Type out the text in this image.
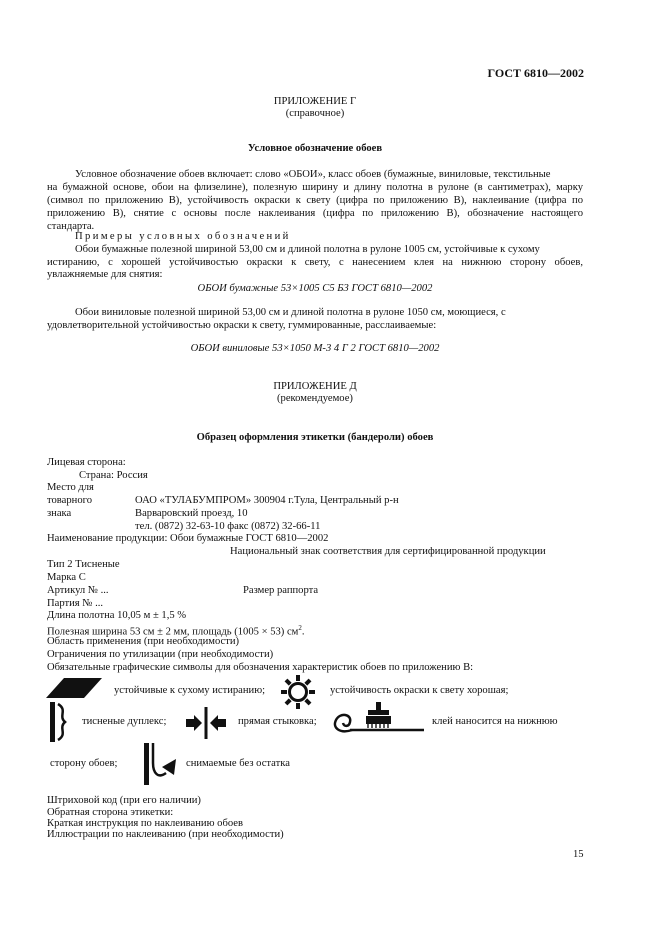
ГОСТ 6810—2002
ПРИЛОЖЕНИЕ Г
(справочное)
Условное обозначение обоев
Условное обозначение обоев включает: слово «ОБОИ», класс обоев (бумажные, виниловые, текстильные
на бумажной основе, обои на флизелине), полезную ширину и длину полотна в рулоне (в сантиметрах), марку
(символ по приложению В), устойчивость окраски к свету (цифра по приложению В), наклеивание (цифра по
приложению В), снятие с основы после наклеивания (цифра по приложению В), обозначение настоящего
стандарта.
Примеры условных обозначений
Обои бумажные полезной шириной 53,00 см и длиной полотна в рулоне 1005 см, устойчивые к сухому
истиранию, с хорошей устойчивостью окраски к свету, с нанесением клея на нижнюю сторону обоев,
увлажняемые для снятия:
ОБОИ бумажные 53×1005 С5 Б3 ГОСТ 6810—2002
Обои виниловые полезной шириной 53,00 см и длиной полотна в рулоне 1050 см, моющиеся, с
удовлетворительной устойчивостью окраски к свету, гуммированные, расслаиваемые:
ОБОИ виниловые 53×1050 М-3 4 Г 2 ГОСТ 6810—2002
ПРИЛОЖЕНИЕ Д
(рекомендуемое)
Образец оформления этикетки (бандероли) обоев
Лицевая сторона:
Страна: Россия
Место для
товарного
знака
ОАО «ТУЛАБУМПРОМ» 300904 г.Тула, Центральный р-н
Варваровский проезд, 10
тел. (0872) 32-63-10 факс (0872) 32-66-11
Наименование продукции: Обои бумажные ГОСТ 6810—2002
Национальный знак соответствия для сертифицированной продукции
Тип 2 Тисненые
Марка С
Артикул № ...	Размер раппорта
Партия № ...
Длина полотна 10,05 м ± 1,5 %
Полезная ширина 53 см ± 2 мм, площадь (1005 × 53) $см^2$.
Область применения (при необходимости)
Ограничения по утилизации (при необходимости)
Обязательные графические символы для обозначения характеристик обоев по приложению В:
устойчивые к сухому истиранию;	устойчивость окраски к свету хорошая;
тисненые дуплекс;	прямая стыковка;	клей наносится на нижнюю
сторону обоев;	снимаемые без остатка
Штриховой код (при его наличии)
Обратная сторона этикетки:
Краткая инструкция по наклеиванию обоев
Иллюстрации по наклеиванию (при необходимости)
15
